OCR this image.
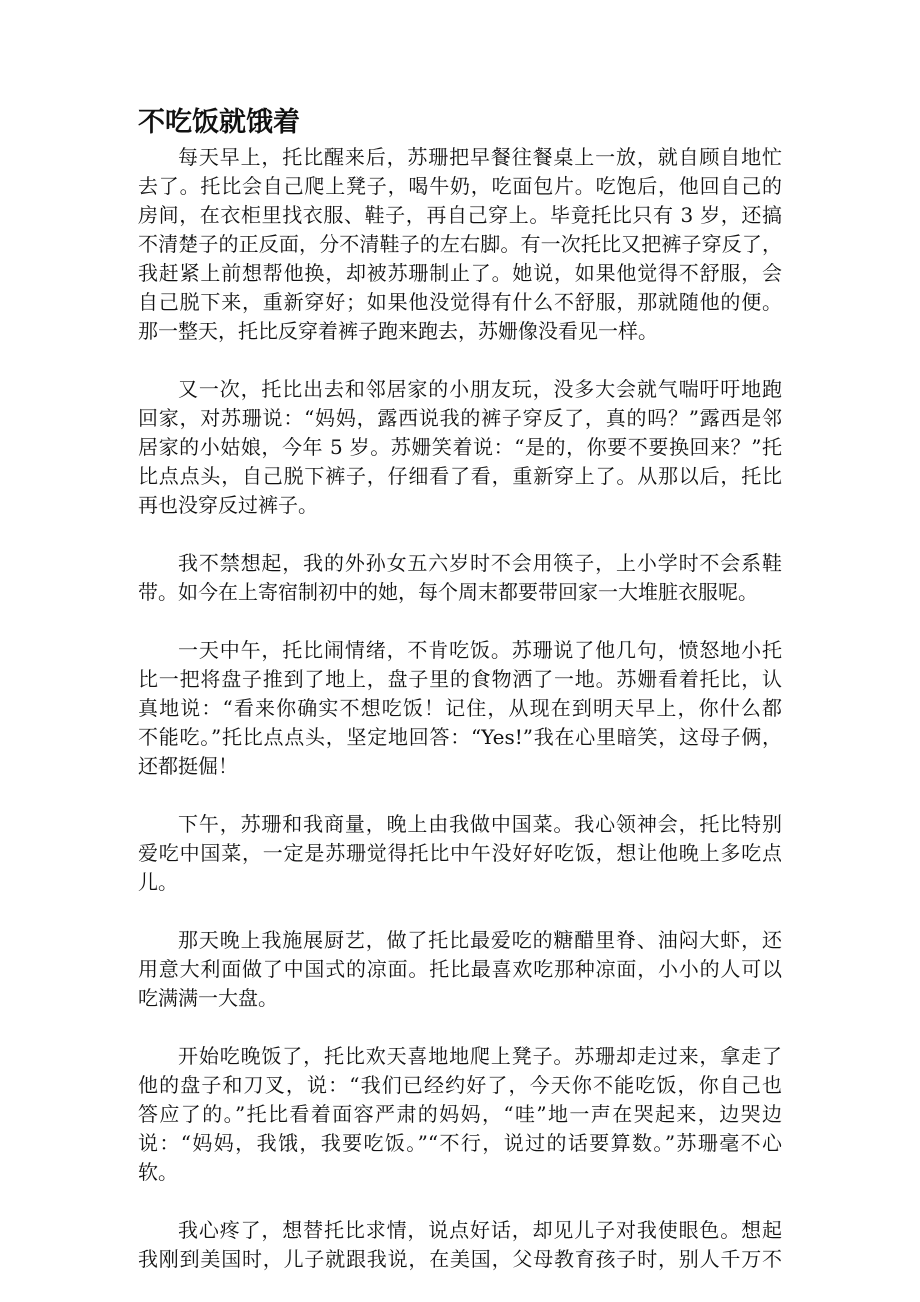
不吃饭就饿着
每天早上，托比醒来后，苏珊把早餐往餐桌上一放，就自顾自地忙
去了。托比会自己爬上凳子，喝牛奶，吃面包片。吃饱后，他回自己的
房间，在衣柜里找衣服、鞋子，再自己穿上。毕竟托比只有 3 岁，还搞
不清楚子的正反面，分不清鞋子的左右脚。有一次托比又把裤子穿反了，
我赶紧上前想帮他换，却被苏珊制止了。她说，如果他觉得不舒服，会
自己脱下来，重新穿好；如果他没觉得有什么不舒服，那就随他的便。
那一整天，托比反穿着裤子跑来跑去，苏姗像没看见一样。
又一次，托比出去和邻居家的小朋友玩，没多大会就气喘吁吁地跑
回家，对苏珊说：“妈妈，露西说我的裤子穿反了，真的吗？”露西是邻
居家的小姑娘，今年 5 岁。苏姗笑着说：“是的，你要不要换回来？”托
比点点头，自己脱下裤子，仔细看了看，重新穿上了。从那以后，托比
再也没穿反过裤子。
我不禁想起，我的外孙女五六岁时不会用筷子，上小学时不会系鞋
带。如今在上寄宿制初中的她，每个周末都要带回家一大堆脏衣服呢。
一天中午，托比闹情绪，不肯吃饭。苏珊说了他几句，愤怒地小托
比一把将盘子推到了地上，盘子里的食物洒了一地。苏姗看着托比，认
真地说：“看来你确实不想吃饭！记住，从现在到明天早上，你什么都
不能吃。”托比点点头，坚定地回答：“Yes!”我在心里暗笑，这母子俩，
还都挺倔！
下午，苏珊和我商量，晚上由我做中国菜。我心领神会，托比特别
爱吃中国菜，一定是苏珊觉得托比中午没好好吃饭，想让他晚上多吃点
儿。
那天晚上我施展厨艺，做了托比最爱吃的糖醋里脊、油闷大虾，还
用意大利面做了中国式的凉面。托比最喜欢吃那种凉面，小小的人可以
吃满满一大盘。
开始吃晚饭了，托比欢天喜地地爬上凳子。苏珊却走过来，拿走了
他的盘子和刀叉，说：“我们已经约好了，今天你不能吃饭，你自己也
答应了的。”托比看着面容严肃的妈妈，“哇”地一声在哭起来，边哭边
说：“妈妈，我饿，我要吃饭。”“不行，说过的话要算数。”苏珊毫不心
软。
我心疼了，想替托比求情，说点好话，却见儿子对我使眼色。想起
我刚到美国时，儿子就跟我说，在美国，父母教育孩子时，别人千万不
